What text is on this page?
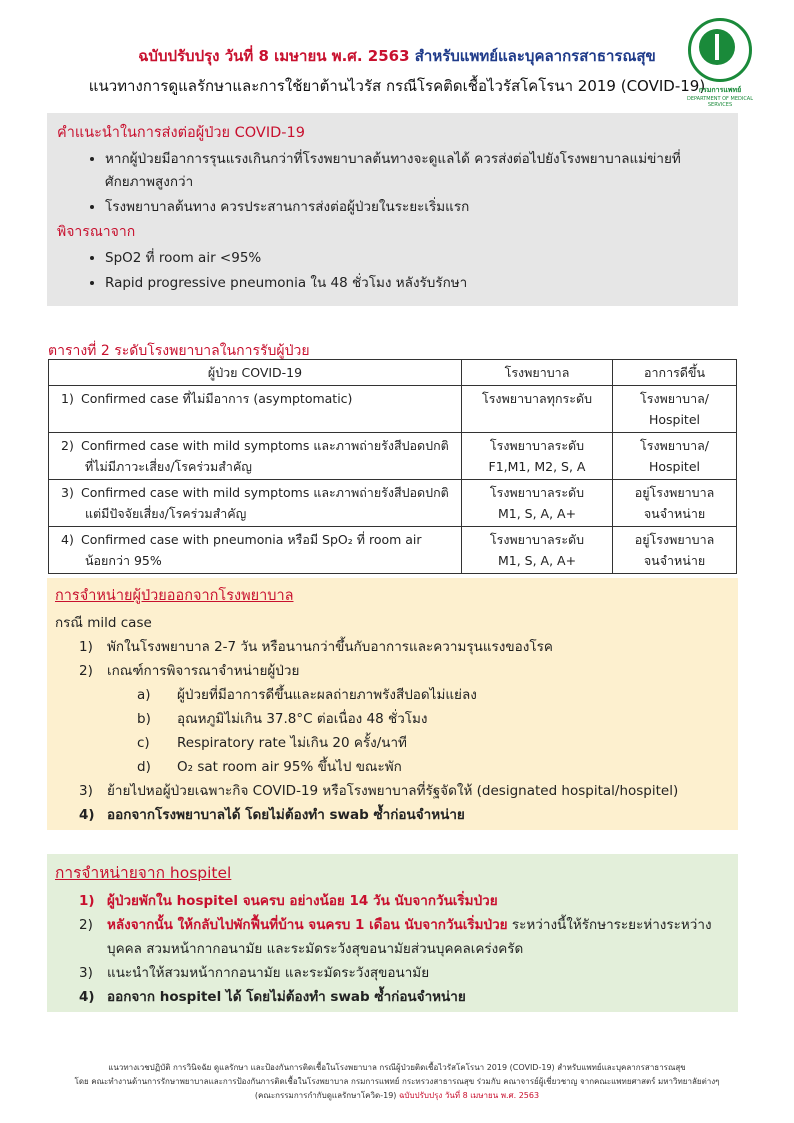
ฉบับปรับปรุง วันที่ 8 เมษายน พ.ศ. 2563 สำหรับแพทย์และบุคลากรสาธารณสุข
แนวทางการดูแลรักษาและการใช้ยาต้านไวรัส กรณีโรคติดเชื้อไวรัสโคโรนา 2019 (COVID-19)
กรมการแพทย์
DEPARTMENT OF MEDICAL SERVICES
คำแนะนำในการส่งต่อผู้ป่วย COVID-19
• หากผู้ป่วยมีอาการรุนแรงเกินกว่าที่โรงพยาบาลต้นทางจะดูแลได้ ควรส่งต่อไปยังโรงพยาบาลแม่ข่ายที่ศักยภาพสูงกว่า
• โรงพยาบาลต้นทาง ควรประสานการส่งต่อผู้ป่วยในระยะเริ่มแรก
พิจารณาจาก
• SpO2 ที่ room air <95%
• Rapid progressive pneumonia ใน 48 ชั่วโมง หลังรับรักษา
ตารางที่ 2 ระดับโรงพยาบาลในการรับผู้ป่วย
ผู้ป่วย COVID-19	โรงพยาบาล	อาการดีขึ้น
1) Confirmed case ที่ไม่มีอาการ (asymptomatic)	โรงพยาบาลทุกระดับ	โรงพยาบาล/
Hospitel
2) Confirmed case with mild symptoms และภาพถ่ายรังสีปอดปกติ
ที่ไม่มีภาวะเสี่ยง/โรคร่วมสำคัญ	โรงพยาบาลระดับ
F1,M1, M2, S, A	โรงพยาบาล/
Hospitel
3) Confirmed case with mild symptoms และภาพถ่ายรังสีปอดปกติ
แต่มีปัจจัยเสี่ยง/โรคร่วมสำคัญ	โรงพยาบาลระดับ
M1, S, A, A+	อยู่โรงพยาบาล
จนจำหน่าย
4) Confirmed case with pneumonia หรือมี SpO₂ ที่ room air
น้อยกว่า 95%	โรงพยาบาลระดับ
M1, S, A, A+	อยู่โรงพยาบาล
จนจำหน่าย
การจำหน่ายผู้ป่วยออกจากโรงพยาบาล
กรณี mild case
1)	พักในโรงพยาบาล 2-7 วัน หรือนานกว่าขึ้นกับอาการและความรุนแรงของโรค
2)	เกณฑ์การพิจารณาจำหน่ายผู้ป่วย
a)	ผู้ป่วยที่มีอาการดีขึ้นและผลถ่ายภาพรังสีปอดไม่แย่ลง
b)	อุณหภูมิไม่เกิน 37.8°C ต่อเนื่อง 48 ชั่วโมง
c)	Respiratory rate ไม่เกิน 20 ครั้ง/นาที
d)	O₂ sat room air 95% ขึ้นไป ขณะพัก
3)	ย้ายไปหอผู้ป่วยเฉพาะกิจ COVID-19 หรือโรงพยาบาลที่รัฐจัดให้ (designated hospital/hospitel)
4) ออกจากโรงพยาบาลได้ โดยไม่ต้องทำ swab ซ้ำก่อนจำหน่าย
การจำหน่ายจาก hospitel
1) ผู้ป่วยพักใน hospitel จนครบ อย่างน้อย 14 วัน นับจากวันเริ่มป่วย
2)	หลังจากนั้น ให้กลับไปพักฟื้นที่บ้าน จนครบ 1 เดือน นับจากวันเริ่มป่วย ระหว่างนี้ให้รักษาระยะห่างระหว่างบุคคล สวมหน้ากากอนามัย และระมัดระวังสุขอนามัยส่วนบุคคลเคร่งครัด
3)	แนะนำให้สวมหน้ากากอนามัย และระมัดระวังสุขอนามัย
4) ออกจาก hospitel ได้ โดยไม่ต้องทำ swab ซ้ำก่อนจำหน่าย
แนวทางเวชปฏิบัติ การวินิจฉัย ดูแลรักษา และป้องกันการติดเชื้อในโรงพยาบาล กรณีผู้ป่วยติดเชื้อไวรัสโคโรนา 2019 (COVID-19) สำหรับแพทย์และบุคลากรสาธารณสุข
โดย คณะทำงานด้านการรักษาพยาบาลและการป้องกันการติดเชื้อในโรงพยาบาล กรมการแพทย์ กระทรวงสาธารณสุข ร่วมกับ คณาจารย์ผู้เชี่ยวชาญ จากคณะแพทยศาสตร์ มหาวิทยาลัยต่างๆ
(คณะกรรมการกำกับดูแลรักษาโควิด-19) ฉบับปรับปรุง วันที่ 8 เมษายน พ.ศ. 2563
